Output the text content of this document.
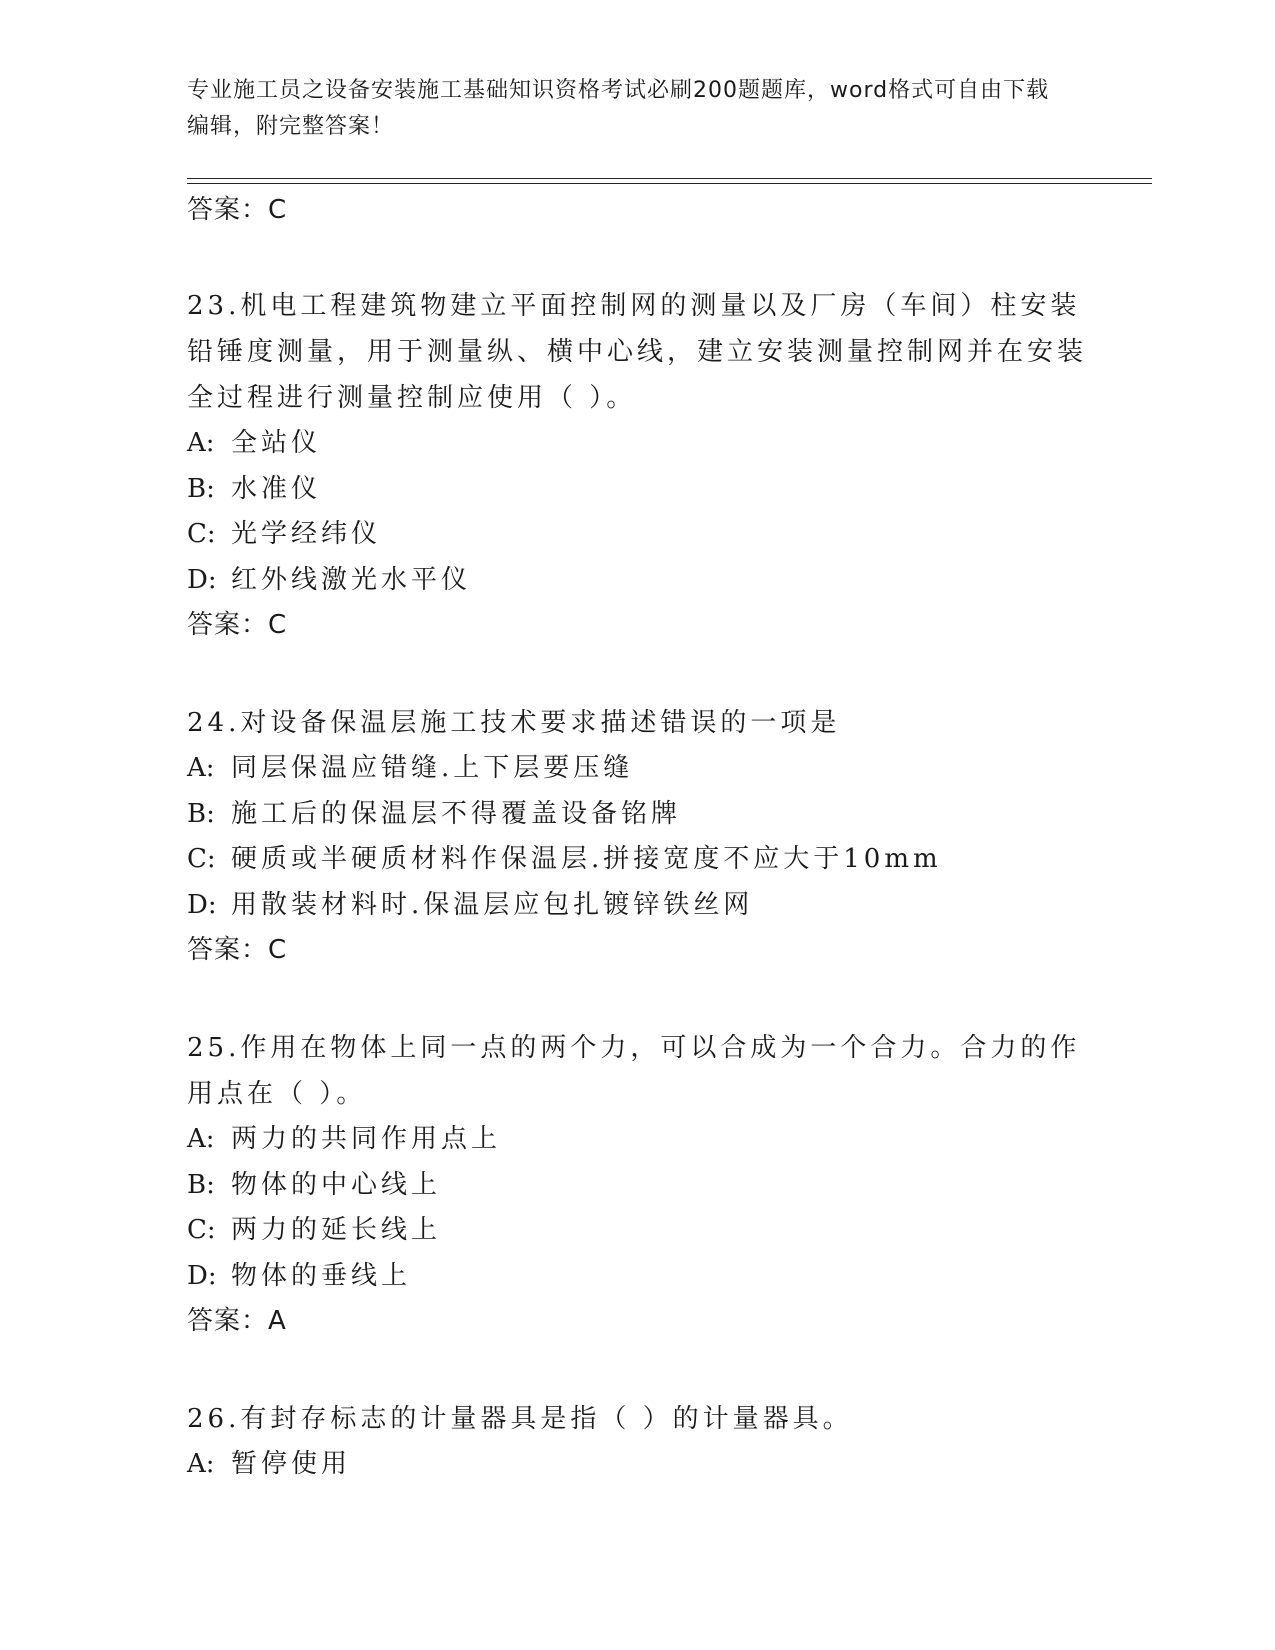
专业施工员之设备安装施工基础知识资格考试必刷200题题库，word格式可自由下载编辑，附完整答案！
答案：C
23.机电工程建筑物建立平面控制网的测量以及厂房（车间）柱安装铅锤度测量，用于测量纵、横中心线，建立安装测量控制网并在安装全过程进行测量控制应使用（ ）。
A: 全站仪
B: 水准仪
C: 光学经纬仪
D: 红外线激光水平仪
答案：C
24.对设备保温层施工技术要求描述错误的一项是
A: 同层保温应错缝.上下层要压缝
B: 施工后的保温层不得覆盖设备铭牌
C: 硬质或半硬质材料作保温层.拼接宽度不应大于10mm
D: 用散装材料时.保温层应包扎镀锌铁丝网
答案：C
25.作用在物体上同一点的两个力，可以合成为一个合力。合力的作用点在（ ）。
A: 两力的共同作用点上
B: 物体的中心线上
C: 两力的延长线上
D: 物体的垂线上
答案：A
26.有封存标志的计量器具是指（ ）的计量器具。
A: 暂停使用
